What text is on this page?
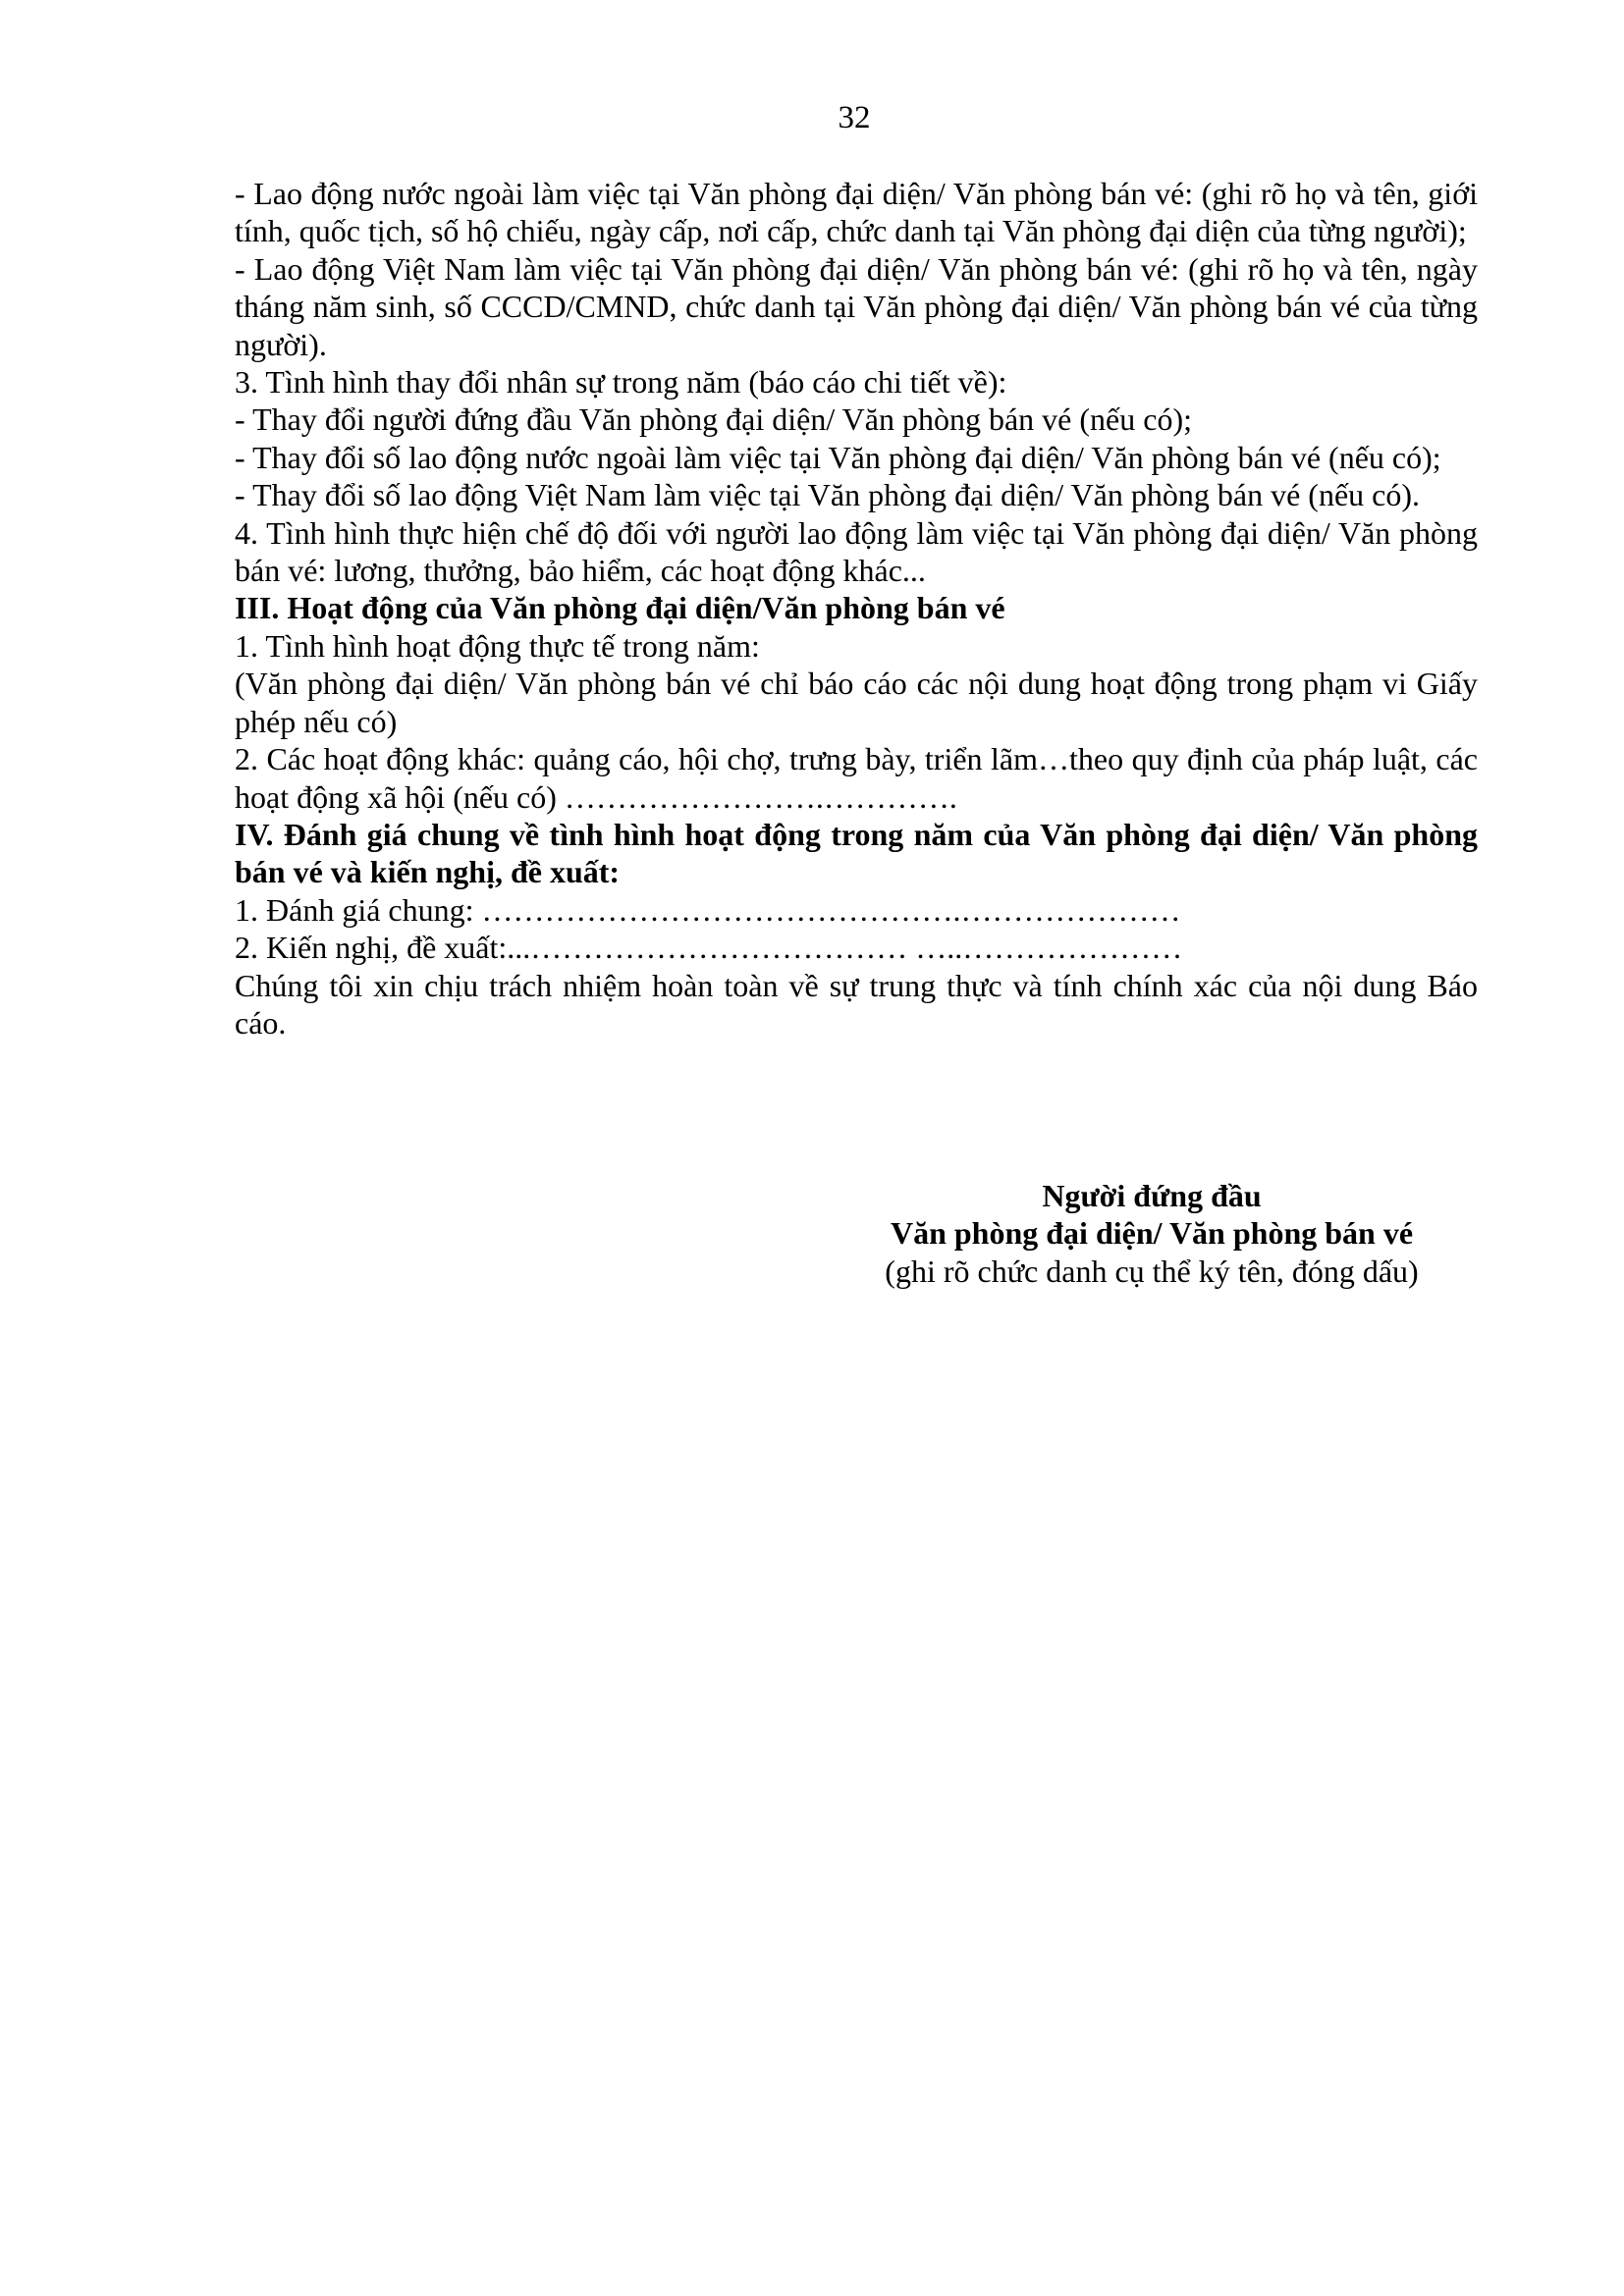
32

- Lao động nước ngoài làm việc tại Văn phòng đại diện/ Văn phòng bán vé: (ghi rõ họ và tên, giới tính, quốc tịch, số hộ chiếu, ngày cấp, nơi cấp, chức danh tại Văn phòng đại diện của từng người);

- Lao động Việt Nam làm việc tại Văn phòng đại diện/ Văn phòng bán vé: (ghi rõ họ và tên, ngày tháng năm sinh, số CCCD/CMND, chức danh tại Văn phòng đại diện/ Văn phòng bán vé của từng người).

3. Tình hình thay đổi nhân sự trong năm (báo cáo chi tiết về):

- Thay đổi người đứng đầu Văn phòng đại diện/ Văn phòng bán vé (nếu có);

- Thay đổi số lao động nước ngoài làm việc tại Văn phòng đại diện/ Văn phòng bán vé (nếu có);

- Thay đổi số lao động Việt Nam làm việc tại Văn phòng đại diện/ Văn phòng bán vé (nếu có).

4. Tình hình thực hiện chế độ đối với người lao động làm việc tại Văn phòng đại diện/ Văn phòng bán vé: lương, thưởng, bảo hiểm, các hoạt động khác...

III. Hoạt động của Văn phòng đại diện/Văn phòng bán vé

1. Tình hình hoạt động thực tế trong năm:

(Văn phòng đại diện/ Văn phòng bán vé chỉ báo cáo các nội dung hoạt động trong phạm vi Giấy phép nếu có)

2. Các hoạt động khác: quảng cáo, hội chợ, trưng bày, triển lãm…theo quy định của pháp luật, các hoạt động xã hội (nếu có) …………………….………….

IV. Đánh giá chung về tình hình hoạt động trong năm của Văn phòng đại diện/ Văn phòng bán vé và kiến nghị, đề xuất:

1. Đánh giá chung: ……………………………………….…………………

2. Kiến nghị, đề xuất:...……………………………… …..…………………

Chúng tôi xin chịu trách nhiệm hoàn toàn về sự trung thực và tính chính xác của nội dung Báo cáo.

Người đứng đầu

Văn phòng đại diện/ Văn phòng bán vé

(ghi rõ chức danh cụ thể ký tên, đóng dấu)
